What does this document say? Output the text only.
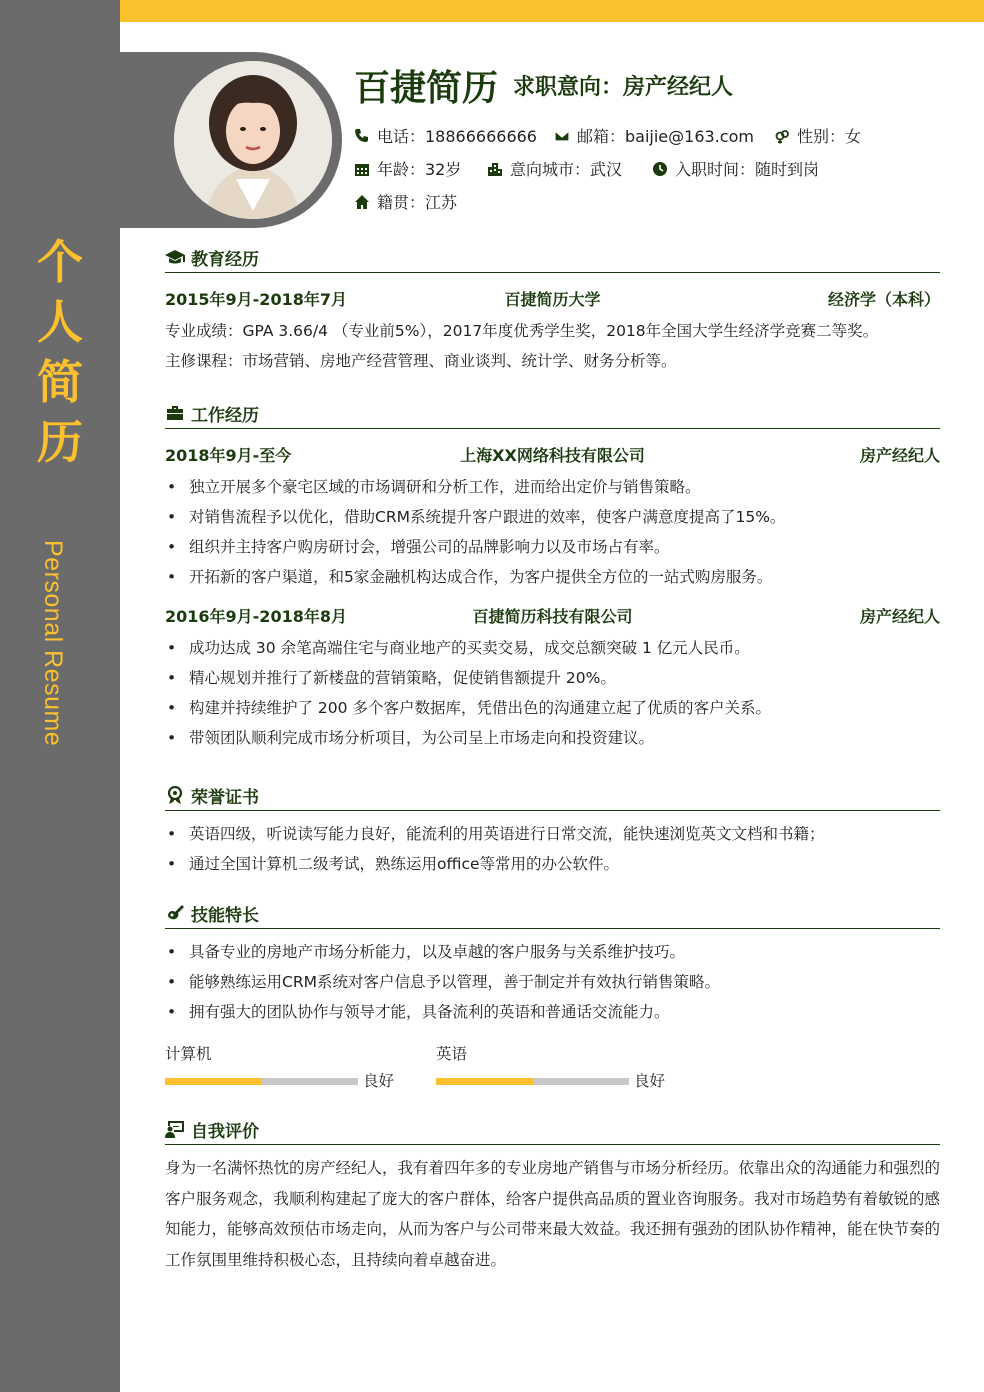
个
人
简
历
Personal Resume
百捷简历 求职意向：房产经纪人
电话：18866666666	邮箱：baijie@163.com	性别：女
年龄：32岁	意向城市：武汉	入职时间：随时到岗
籍贯：江苏
教育经历
2015年9月-2018年7月	百捷简历大学	经济学（本科）
专业成绩：GPA 3.66/4 （专业前5%），2017年度优秀学生奖，2018年全国大学生经济学竞赛二等奖。
主修课程：市场营销、房地产经营管理、商业谈判、统计学、财务分析等。
工作经历
2018年9月-至今	上海XX网络科技有限公司	房产经纪人
• 独立开展多个豪宅区域的市场调研和分析工作，进而给出定价与销售策略。
• 对销售流程予以优化，借助CRM系统提升客户跟进的效率，使客户满意度提高了15%。
• 组织并主持客户购房研讨会，增强公司的品牌影响力以及市场占有率。
• 开拓新的客户渠道，和5家金融机构达成合作，为客户提供全方位的一站式购房服务。
2016年9月-2018年8月	百捷简历科技有限公司	房产经纪人
• 成功达成 30 余笔高端住宅与商业地产的买卖交易，成交总额突破 1 亿元人民币。
• 精心规划并推行了新楼盘的营销策略，促使销售额提升 20%。
• 构建并持续维护了 200 多个客户数据库，凭借出色的沟通建立起了优质的客户关系。
• 带领团队顺利完成市场分析项目，为公司呈上市场走向和投资建议。
荣誉证书
• 英语四级，听说读写能力良好，能流利的用英语进行日常交流，能快速浏览英文文档和书籍；
• 通过全国计算机二级考试，熟练运用office等常用的办公软件。
技能特长
• 具备专业的房地产市场分析能力，以及卓越的客户服务与关系维护技巧。
• 能够熟练运用CRM系统对客户信息予以管理，善于制定并有效执行销售策略。
• 拥有强大的团队协作与领导才能，具备流利的英语和普通话交流能力。
计算机
良好
英语
良好
自我评价
身为一名满怀热忱的房产经纪人，我有着四年多的专业房地产销售与市场分析经历。依靠出众的沟通能力和强烈的客户服务观念，我顺利构建起了庞大的客户群体，给客户提供高品质的置业咨询服务。我对市场趋势有着敏锐的感知能力，能够高效预估市场走向，从而为客户与公司带来最大效益。我还拥有强劲的团队协作精神，能在快节奏的工作氛围里维持积极心态，且持续向着卓越奋进。
